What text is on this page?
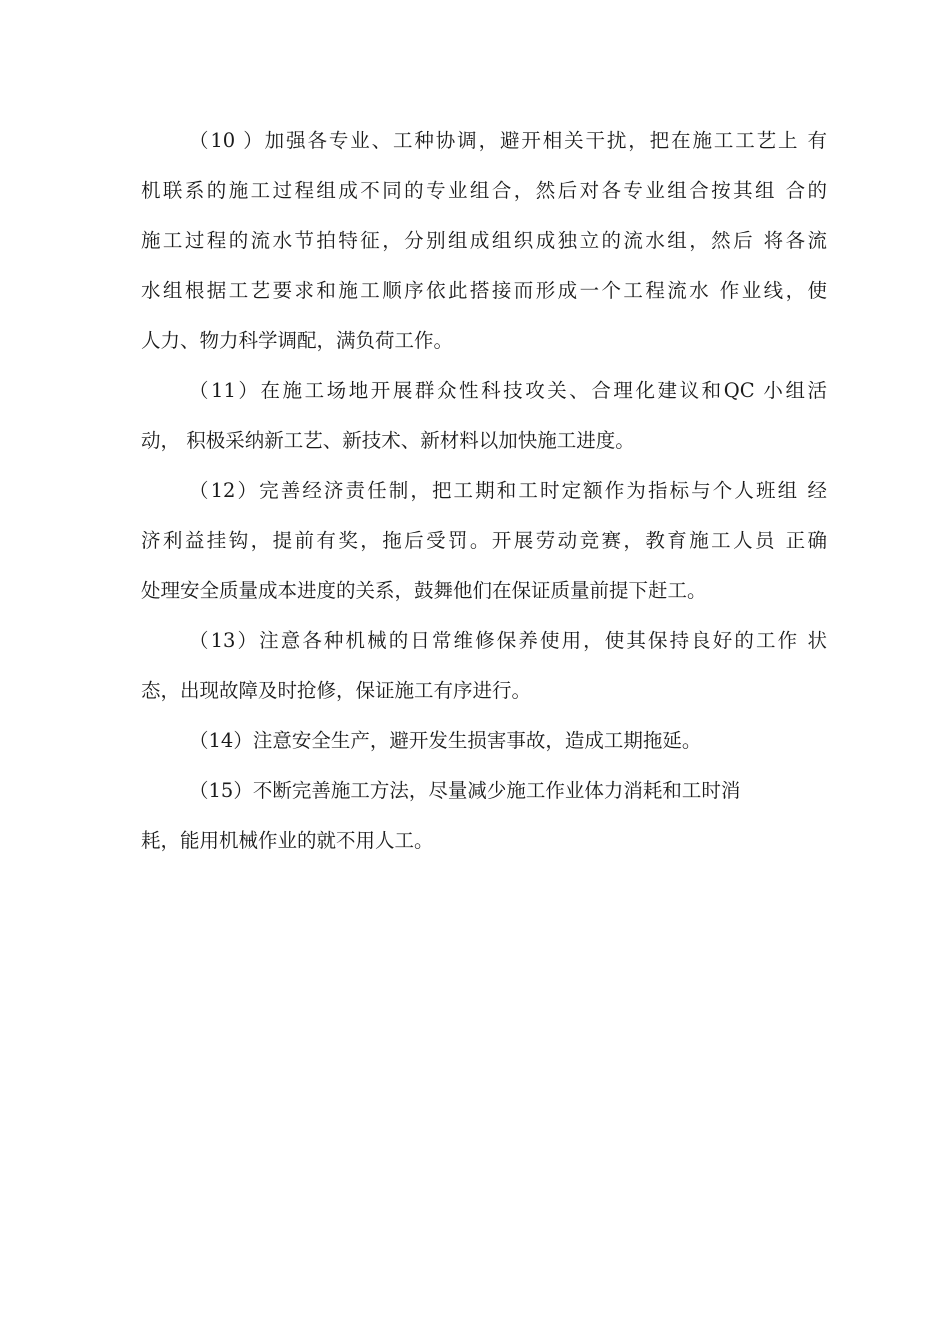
（10 ）加强各专业、工种协调，避开相关干扰，把在施工工艺上 有
机联系的施工过程组成不同的专业组合，然后对各专业组合按其组 合的
施工过程的流水节拍特征，分别组成组织成独立的流水组，然后 将各流
水组根据工艺要求和施工顺序依此搭接而形成一个工程流水 作业线，使
人力、物力科学调配，满负荷工作。
（11）在施工场地开展群众性科技攻关、合理化建议和QC 小组活
动， 积极采纳新工艺、新技术、新材料以加快施工进度。
（12）完善经济责任制，把工期和工时定额作为指标与个人班组 经
济利益挂钩，提前有奖，拖后受罚。开展劳动竞赛，教育施工人员 正确
处理安全质量成本进度的关系，鼓舞他们在保证质量前提下赶工。
（13）注意各种机械的日常维修保养使用，使其保持良好的工作 状
态，出现故障及时抢修，保证施工有序进行。
（14）注意安全生产，避开发生损害事故，造成工期拖延。
（15）不断完善施工方法，尽量减少施工作业体力消耗和工时消
耗，能用机械作业的就不用人工。
